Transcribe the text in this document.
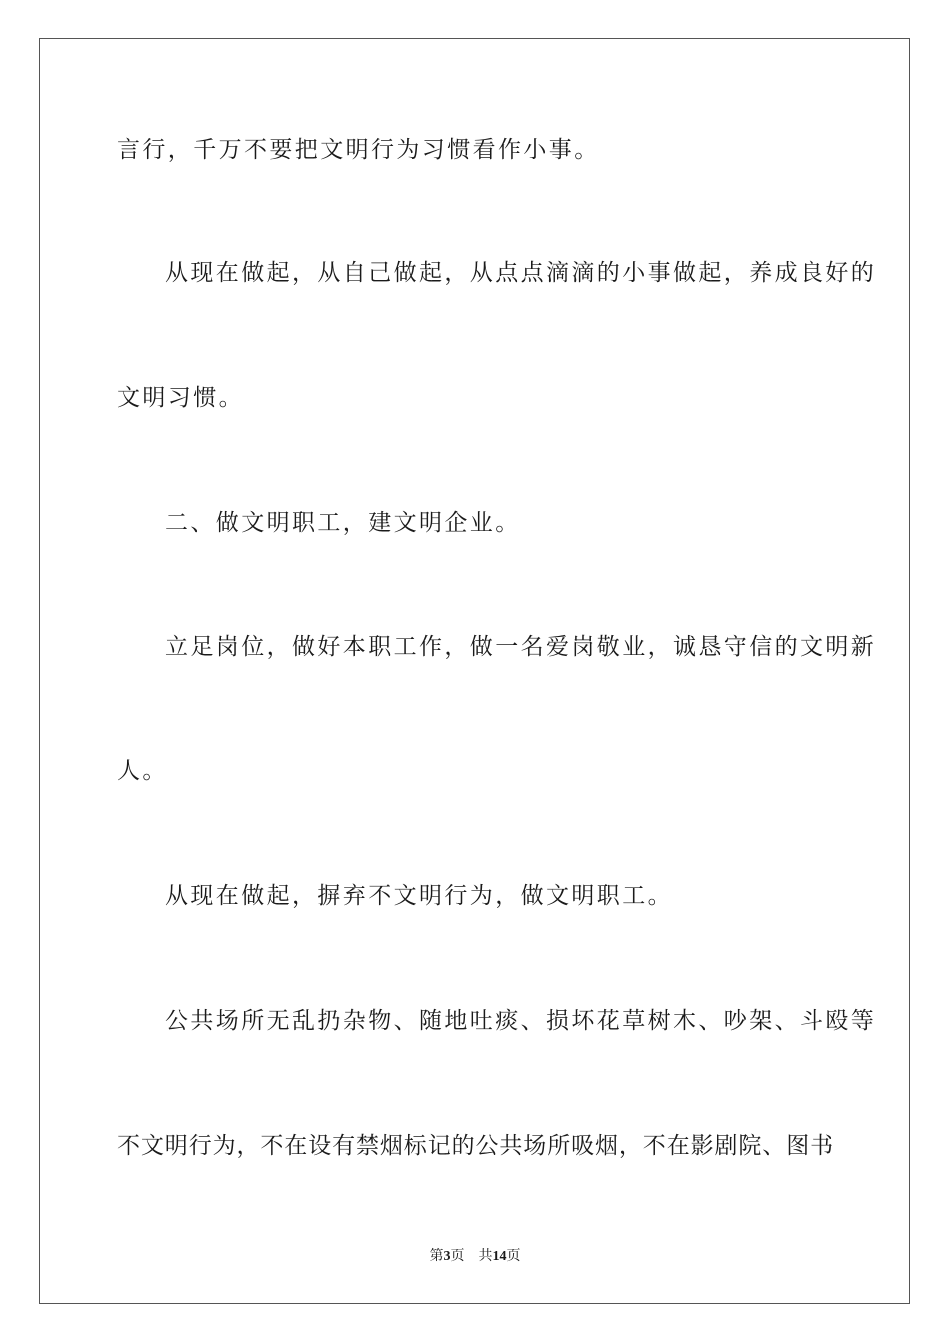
言行，千万不要把文明行为习惯看作小事。
从现在做起，从自己做起，从点点滴滴的小事做起，养成良好的
文明习惯。
二、做文明职工，建文明企业。
立足岗位，做好本职工作，做一名爱岗敬业，诚恳守信的文明新
人。
从现在做起，摒弃不文明行为，做文明职工。
公共场所无乱扔杂物、随地吐痰、损坏花草树木、吵架、斗殴等
不文明行为，不在设有禁烟标记的公共场所吸烟，不在影剧院、图书
第3页 共14页
